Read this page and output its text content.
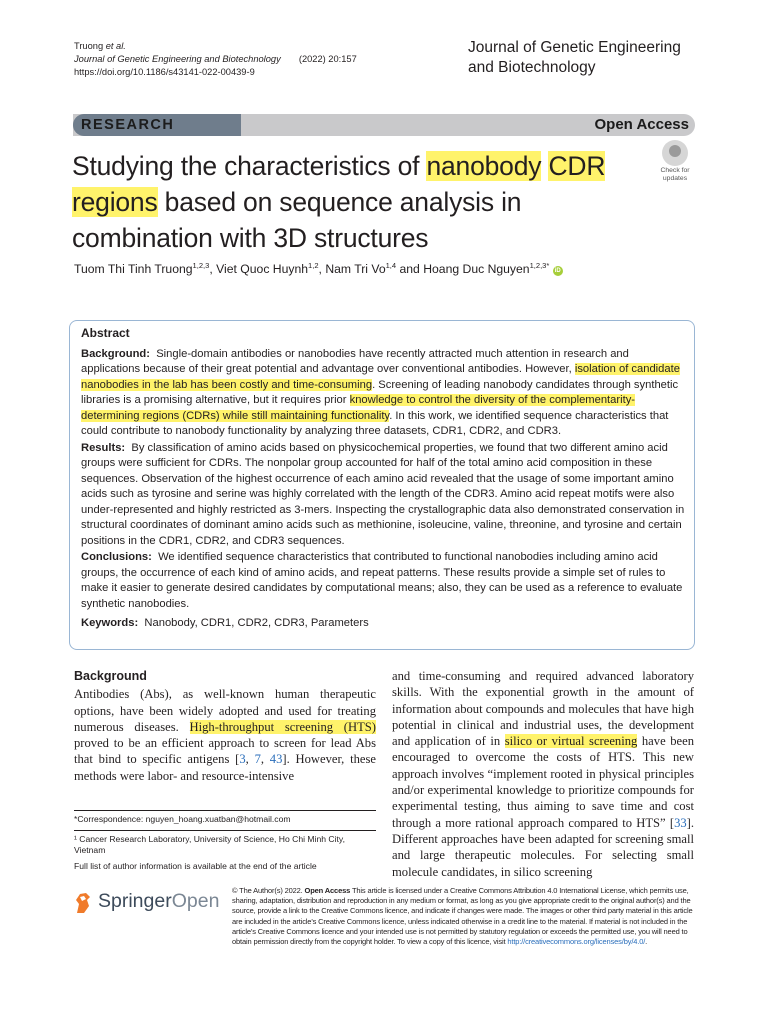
Truong et al.
Journal of Genetic Engineering and Biotechnology (2022) 20:157
https://doi.org/10.1186/s43141-022-00439-9
Journal of Genetic Engineering
and Biotechnology
RESEARCH	Open Access
Studying the characteristics of nanobody CDR regions based on sequence analysis in combination with 3D structures
Check for
updates
Tuom Thi Tinh Truong$^{1,2,3}$, Viet Quoc Huynh$^{1,2}$, Nam Tri Vo$^{1,4}$ and Hoang Duc Nguyen$^{1,2,3*}$ iD
Abstract

Background: Single-domain antibodies or nanobodies have recently attracted much attention in research and applications because of their great potential and advantage over conventional antibodies. However, isolation of candidate nanobodies in the lab has been costly and time-consuming. Screening of leading nanobody candidates through synthetic libraries is a promising alternative, but it requires prior knowledge to control the diversity of the complementarity-determining regions (CDRs) while still maintaining functionality. In this work, we identified sequence characteristics that could contribute to nanobody functionality by analyzing three datasets, CDR1, CDR2, and CDR3.

Results: By classification of amino acids based on physicochemical properties, we found that two different amino acid groups were sufficient for CDRs. The nonpolar group accounted for half of the total amino acid composition in these sequences. Observation of the highest occurrence of each amino acid revealed that the usage of some important amino acids such as tyrosine and serine was highly correlated with the length of the CDR3. Amino acid repeat motifs were also under-represented and highly restricted as 3-mers. Inspecting the crystallographic data also demonstrated conservation in structural coordinates of dominant amino acids such as methionine, isoleucine, valine, threonine, and tyrosine and certain positions in the CDR1, CDR2, and CDR3 sequences.

Conclusions: We identified sequence characteristics that contributed to functional nanobodies including amino acid groups, the occurrence of each kind of amino acids, and repeat patterns. These results provide a simple set of rules to make it easier to generate desired candidates by computational means; also, they can be used as a reference to evaluate synthetic nanobodies.

Keywords: Nanobody, CDR1, CDR2, CDR3, Parameters

Background

Antibodies (Abs), as well-known human therapeutic options, have been widely adopted and used for treating numerous diseases. High-throughput screening (HTS) proved to be an efficient approach to screen for lead Abs that bind to specific antigens [3, 7, 43]. However, these methods were labor- and resource-intensive

and time-consuming and required advanced laboratory skills. With the exponential growth in the amount of information about compounds and molecules that have high potential in clinical and industrial uses, the development and application of in silico or virtual screening have been encouraged to overcome the costs of HTS. This new approach involves “implement rooted in physical principles and/or experimental knowledge to prioritize compounds for experimental testing, thus aiming to save time and cost through a more rational approach compared to HTS” [33]. Different approaches have been adapted for screening small and large therapeutic molecules. For selecting small molecule candidates, in silico screening

*Correspondence: nguyen_hoang.xuatban@hotmail.com
¹ Cancer Research Laboratory, University of Science, Ho Chi Minh City, Vietnam
Full list of author information is available at the end of the article
SpringerOpen © The Author(s) 2022. Open Access This article is licensed under a Creative Commons Attribution 4.0 International License, which permits use, sharing, adaptation, distribution and reproduction in any medium or format, as long as you give appropriate credit to the original author(s) and the source, provide a link to the Creative Commons licence, and indicate if changes were made. The images or other third party material in this article are included in the article's Creative Commons licence, unless indicated otherwise in a credit line to the material. If material is not included in the article's Creative Commons licence and your intended use is not permitted by statutory regulation or exceeds the permitted use, you will need to obtain permission directly from the copyright holder. To view a copy of this licence, visit http://creativecommons.org/licenses/by/4.0/.
